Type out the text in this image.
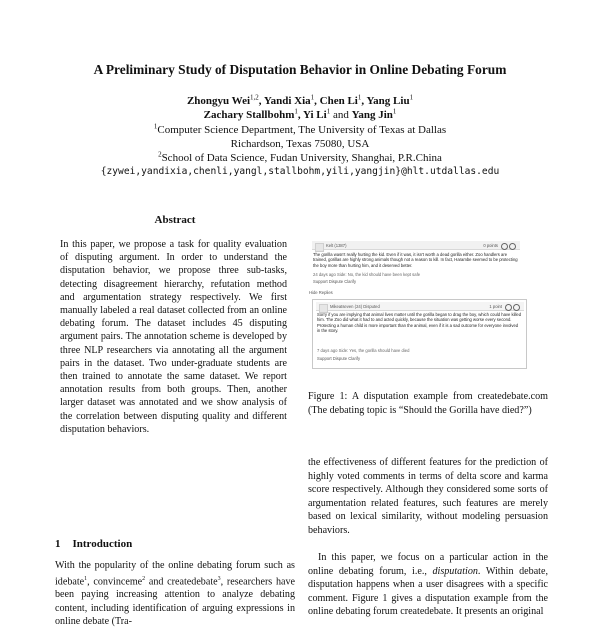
A Preliminary Study of Disputation Behavior in Online Debating Forum
Zhongyu Wei$^{1,2}$, Yandi Xia$^1$, Chen Li$^1$, Yang Liu$^1$
Zachary Stallbohm$^1$, Yi Li$^1$ and Yang Jin$^1$
$^1$Computer Science Department, The University of Texas at Dallas
Richardson, Texas 75080, USA
$^2$School of Data Science, Fudan University, Shanghai, P.R.China
{zywei,yandixia,chenli,yangl,stallbohm,yili,yangjin}@hlt.utdallas.edu
Abstract
In this paper, we propose a task for quality evaluation of disputing argument. In order to understand the disputation behavior, we propose three sub-tasks, detecting disagreement hierarchy, refutation method and argumentation strategy respectively. We first manually labeled a real dataset collected from an online debating forum. The dataset includes 45 disputing argument pairs. The annotation scheme is developed by three NLP researchers via annotating all the argument pairs in the dataset. Two under-graduate students are then trained to annotate the same dataset. We report annotation results from both groups. Then, another larger dataset was annotated and we show analysis of the correlation between disputing quality and different disputation behaviors.
1 Introduction
With the popularity of the online debating forum such as idebate$^1$, convinceme$^2$ and createdebate$^3$, researchers have been paying increasing attention to analyze debating content, including identification of arguing expressions in online debate (Tra-
Kelt (1387)	0 points
The gorilla wasn't really hurting the kid. Even if it was, it isn't worth a dead gorilla either. Zoo handlers are trained, gorillas are highly strong animals though not a reason to kill. In fact, Harambe seemed to be protecting the boy more than hurting him, and it deserved better.
24 days ago Side: No, the kid should have been kept safe
Support Dispute Clarify
Hide Replies
Mikeatseven (24) Disputed	1 point
Sorry if you are implying that animal lives matter until the gorilla began to drag the boy, which could have killed him. The Zoo did what it had to and acted quickly, because the situation was getting worse every second. Protecting a human child is more important than the animal, even if it is a sad outcome for everyone involved in the story.
7 days ago Side: Yes, the gorilla should have died
Support Dispute Clarify
Figure 1: A disputation example from createdebate.com (The debating topic is “Should the Gorilla have died?”)
the effectiveness of different features for the prediction of highly voted comments in terms of delta score and karma score respectively. Although they considered some sorts of argumentation related features, such features are merely based on lexical similarity, without modeling persuasion behaviors.
In this paper, we focus on a particular action in the online debating forum, i.e., disputation. Within debate, disputation happens when a user disagrees with a specific comment. Figure 1 gives a disputation example from the online debating forum createdebate. It presents an original
